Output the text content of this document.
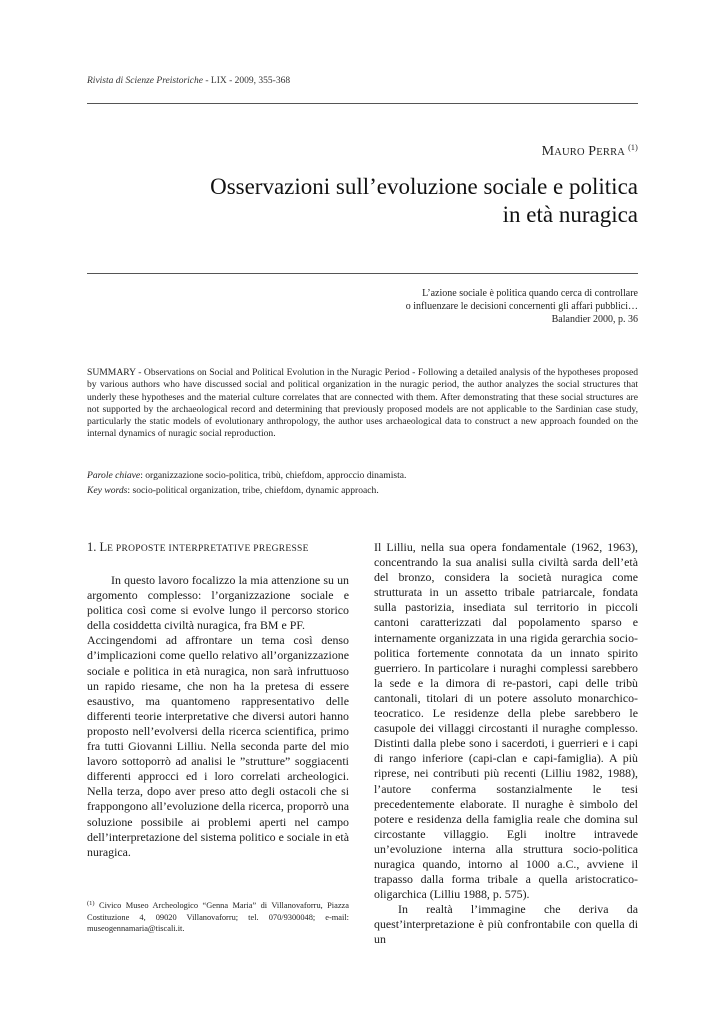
Rivista di Scienze Preistoriche - LIX - 2009, 355-368
MAURO PERRA $^{(1)}$
Osservazioni sull’evoluzione sociale e politica
in età nuragica
L’azione sociale è politica quando cerca di controllare
o influenzare le decisioni concernenti gli affari pubblici…
Balandier 2000, p. 36
SUMMARY - Observations on Social and Political Evolution in the Nuragic Period - Following a detailed analysis of the hypotheses proposed by various authors who have discussed social and political organization in the nuragic period, the author analyzes the social structures that underly these hypotheses and the material culture correlates that are connected with them. After demonstrating that these social structures are not supported by the archaeological record and determining that previously proposed models are not applicable to the Sardinian case study, particularly the static models of evolutionary anthropology, the author uses archaeological data to construct a new approach founded on the internal dynamics of nuragic social reproduction.
Parole chiave: organizzazione socio-politica, tribù, chiefdom, approccio dinamista.
Key words: socio-political organization, tribe, chiefdom, dynamic approach.
1. LE PROPOSTE INTERPRETATIVE PREGRESSE

In questo lavoro focalizzo la mia attenzione su un argomento complesso: l’organizzazione sociale e politica così come si evolve lungo il percorso storico della cosiddetta civiltà nuragica, fra BM e PF.

Accingendomi ad affrontare un tema così denso d’implicazioni come quello relativo all’organizzazione sociale e politica in età nuragica, non sarà infruttuoso un rapido riesame, che non ha la pretesa di essere esaustivo, ma quantomeno rappresentativo delle differenti teorie interpretative che diversi autori hanno proposto nell’evolversi della ricerca scientifica, primo fra tutti Giovanni Lilliu. Nella seconda parte del mio lavoro sottoporrò ad analisi le ”strutture” soggiacenti differenti approcci ed i loro correlati archeologici. Nella terza, dopo aver preso atto degli ostacoli che si frappongono all’evoluzione della ricerca, proporrò una soluzione possibile ai problemi aperti nel campo dell’interpretazione del sistema politico e sociale in età nuragica.

Il Lilliu, nella sua opera fondamentale (1962, 1963), concentrando la sua analisi sulla civiltà sarda dell’età del bronzo, considera la società nuragica come strutturata in un assetto tribale patriarcale, fondata sulla pastorizia, insediata sul territorio in piccoli cantoni caratterizzati dal popolamento sparso e internamente organizzata in una rigida gerarchia socio-politica fortemente connotata da un innato spirito guerriero. In particolare i nuraghi complessi sarebbero la sede e la dimora di re-pastori, capi delle tribù cantonali, titolari di un potere assoluto monarchico-teocratico. Le residenze della plebe sarebbero le casupole dei villaggi circostanti il nuraghe complesso. Distinti dalla plebe sono i sacerdoti, i guerrieri e i capi di rango inferiore (capi-clan e capi-famiglia). A più riprese, nei contributi più recenti (Lilliu 1982, 1988), l’autore conferma sostanzialmente le tesi precedentemente elaborate. Il nuraghe è simbolo del potere e residenza della famiglia reale che domina sul circostante villaggio. Egli inoltre intravede un’evoluzione interna alla struttura socio-politica nuragica quando, intorno al 1000 a.C., avviene il trapasso dalla forma tribale a quella aristocratico-oligarchica (Lilliu 1988, p. 575).

In realtà l’immagine che deriva da quest’interpretazione è più confrontabile con quella di un

$^{(1)}$ Civico Museo Archeologico “Genna Maria” di Villanovaforru, Piazza Costituzione 4, 09020 Villanovaforru; tel. 070/9300048; e-mail: museogennamaria@tiscali.it.
